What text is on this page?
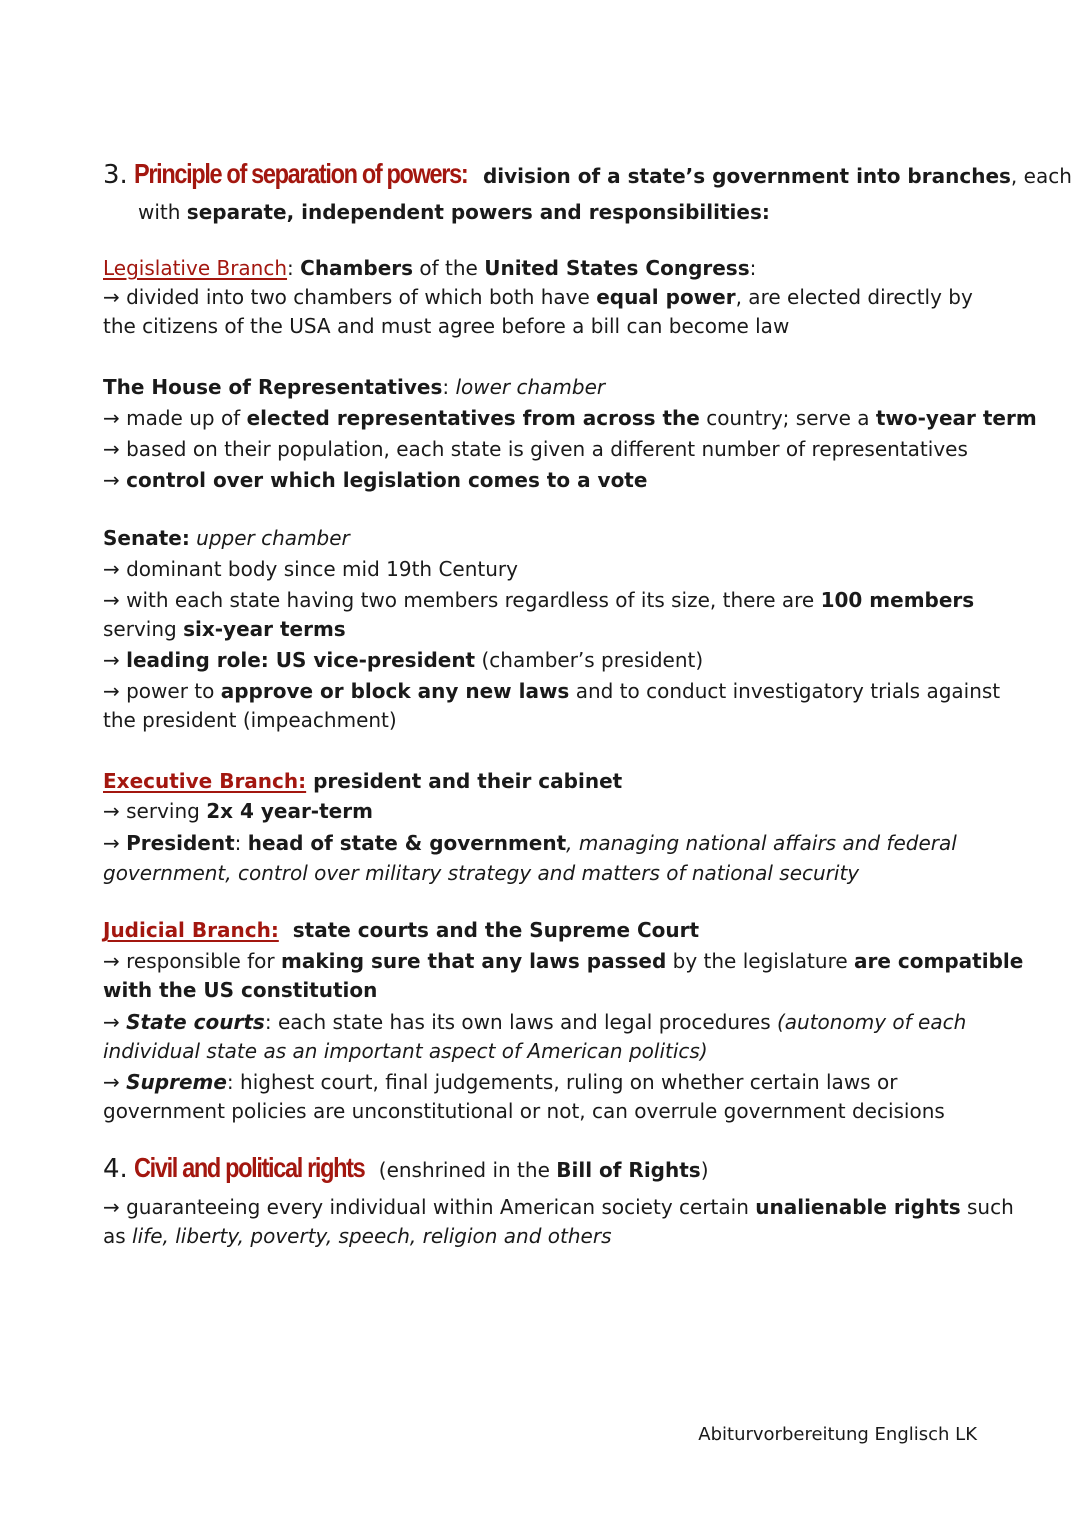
3. Principle of separation of powers: division of a state’s government into branches, each
with separate, independent powers and responsibilities:
Legislative Branch: Chambers of the United States Congress:
→ divided into two chambers of which both have equal power, are elected directly by
the citizens of the USA and must agree before a bill can become law
The House of Representatives: lower chamber
→ made up of elected representatives from across the country; serve a two-year term
→ based on their population, each state is given a different number of representatives
→ control over which legislation comes to a vote
Senate: upper chamber
→ dominant body since mid 19th Century
→ with each state having two members regardless of its size, there are 100 members
serving six-year terms
→ leading role: US vice-president (chamber’s president)
→ power to approve or block any new laws and to conduct investigatory trials against
the president (impeachment)
Executive Branch: president and their cabinet
→ serving 2x 4 year-term
→ President: head of state & government, managing national affairs and federal
government, control over military strategy and matters of national security
Judicial Branch:  state courts and the Supreme Court
→ responsible for making sure that any laws passed by the legislature are compatible
with the US constitution
→ State courts: each state has its own laws and legal procedures (autonomy of each
individual state as an important aspect of American politics)
→ Supreme: highest court, final judgements, ruling on whether certain laws or
government policies are unconstitutional or not, can overrule government decisions
4. Civil and political rights (enshrined in the Bill of Rights)
→ guaranteeing every individual within American society certain unalienable rights such
as life, liberty, poverty, speech, religion and others
Abiturvorbereitung Englisch LK
